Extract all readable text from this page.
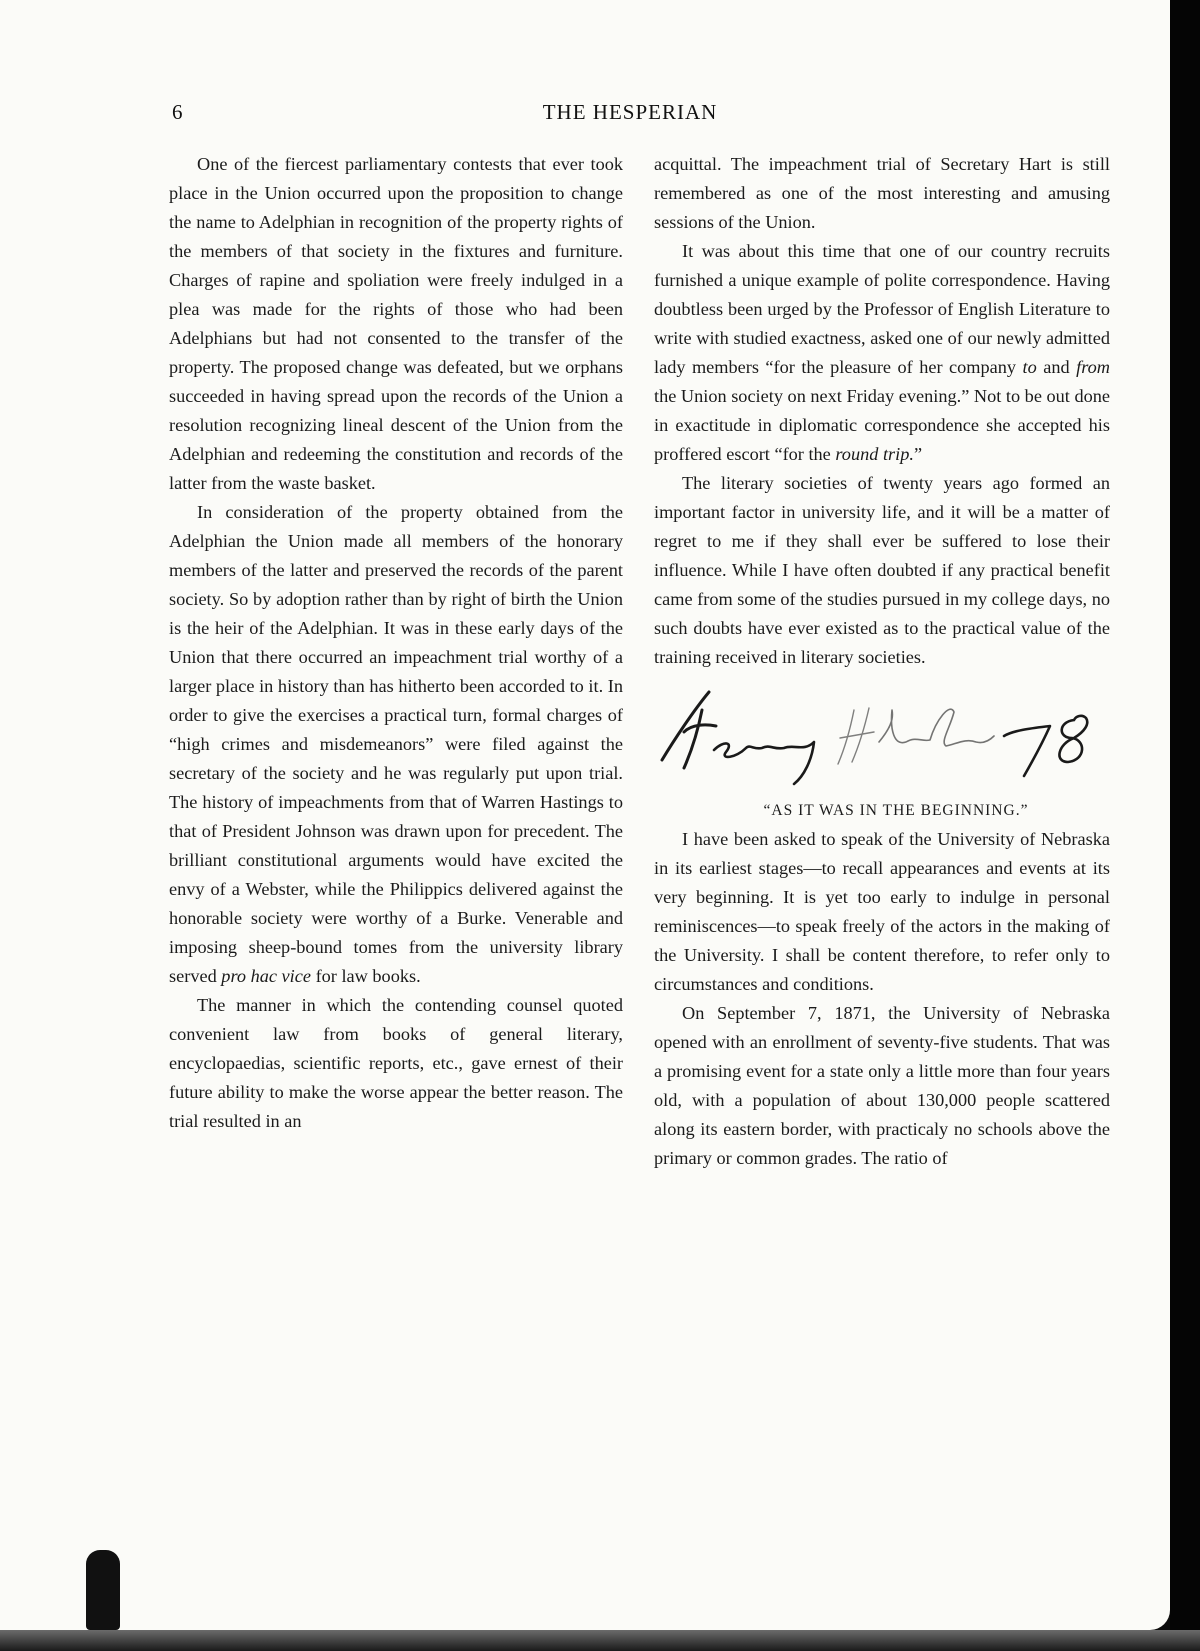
6	THE HESPERIAN

One of the fiercest parliamentary contests that ever took place in the Union occurred upon the proposition to change the name to Adelphian in recognition of the property rights of the members of that society in the fixtures and furniture. Charges of rapine and spoliation were freely indulged in a plea was made for the rights of those who had been Adelphians but had not consented to the transfer of the property. The proposed change was defeated, but we orphans succeeded in having spread upon the records of the Union a resolution recognizing lineal descent of the Union from the Adelphian and redeeming the constitution and records of the latter from the waste basket.

In consideration of the property obtained from the Adelphian the Union made all members of the honorary members of the latter and preserved the records of the parent society. So by adoption rather than by right of birth the Union is the heir of the Adelphian. It was in these early days of the Union that there occurred an impeachment trial worthy of a larger place in history than has hitherto been accorded to it. In order to give the exercises a practical turn, formal charges of “high crimes and misdemeanors” were filed against the secretary of the society and he was regularly put upon trial. The history of impeachments from that of Warren Hastings to that of President Johnson was drawn upon for precedent. The brilliant constitutional arguments would have excited the envy of a Webster, while the Philippics delivered against the honorable society were worthy of a Burke. Venerable and imposing sheep-bound tomes from the university library served pro hac vice for law books.

The manner in which the contending counsel quoted convenient law from books of general literary, encyclopaedias, scientific reports, etc., gave ernest of their future ability to make the worse appear the better reason. The trial resulted in an

acquittal. The impeachment trial of Secretary Hart is still remembered as one of the most interesting and amusing sessions of the Union.

It was about this time that one of our country recruits furnished a unique example of polite correspondence. Having doubtless been urged by the Professor of English Literature to write with studied exactness, asked one of our newly admitted lady members “for the pleasure of her company to and from the Union society on next Friday evening.” Not to be out done in exactitude in diplomatic correspondence she accepted his proffered escort “for the round trip.”

The literary societies of twenty years ago formed an important factor in university life, and it will be a matter of regret to me if they shall ever be suffered to lose their influence. While I have often doubted if any practical benefit came from some of the studies pursued in my college days, no such doubts have ever existed as to the practical value of the training received in literary societies.

“AS IT WAS IN THE BEGINNING.”

I have been asked to speak of the University of Nebraska in its earliest stages—to recall appearances and events at its very beginning. It is yet too early to indulge in personal reminiscences—to speak freely of the actors in the making of the University. I shall be content therefore, to refer only to circumstances and conditions.

On September 7, 1871, the University of Nebraska opened with an enrollment of seventy-five students. That was a promising event for a state only a little more than four years old, with a population of about 130,000 people scattered along its eastern border, with practicaly no schools above the primary or common grades. The ratio of
